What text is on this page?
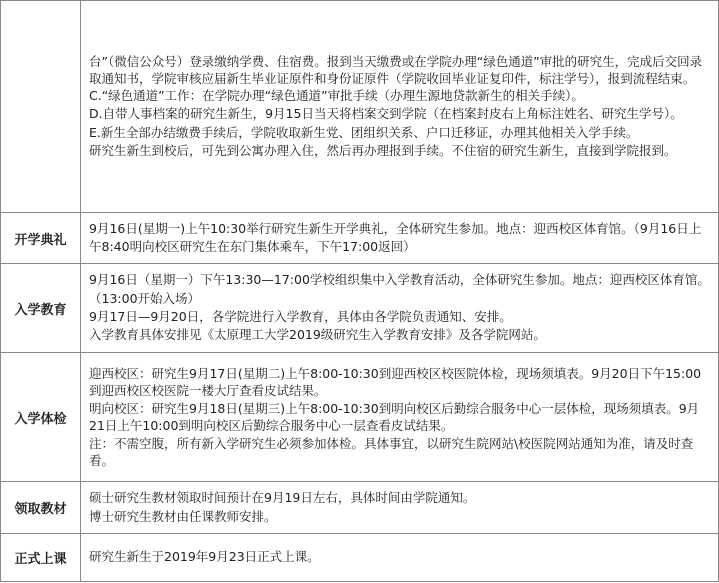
	台”（微信公众号）登录缴纳学费、住宿费。报到当天缴费或在学院办理“绿色通道”审批的研究生，完成后交回录取通知书，学院审核应届新生毕业证原件和身份证原件（学院收回毕业证复印件，标注学号），报到流程结束。

C.“绿色通道”工作：在学院办理“绿色通道”审批手续（办理生源地贷款新生的相关手续）。

D.自带人事档案的研究生新生，9月15日当天将档案交到学院（在档案封皮右上角标注姓名、研究生学号）。

E.新生全部办结缴费手续后，学院收取新生党、团组织关系、户口迁移证，办理其他相关入学手续。

研究生新生到校后，可先到公寓办理入住，然后再办理报到手续。不住宿的研究生新生，直接到学院报到。

开学典礼	9月16日(星期一)上午10:30举行研究生新生开学典礼，全体研究生参加。地点：迎西校区体育馆。（9月16日上午8:40明向校区研究生在东门集体乘车，下午17:00返回）

入学教育	9月16日（星期一）下午13:30—17:00学校组织集中入学教育活动，全体研究生参加。地点：迎西校区体育馆。（13:00开始入场）

9月17日—9月20日，各学院进行入学教育，具体由各学院负责通知、安排。

入学教育具体安排见《太原理工大学2019级研究生入学教育安排》及各学院网站。

入学体检	迎西校区：研究生9月17日(星期二)上午8:00-10:30到迎西校区校医院体检，现场须填表。9月20日下午15:00到迎西校区校医院一楼大厅查看皮试结果。

明向校区：研究生9月18日(星期三)上午8:00-10:30到明向校区后勤综合服务中心一层体检，现场须填表。9月21日上午10:00到明向校区后勤综合服务中心一层查看皮试结果。

注：不需空腹，所有新入学研究生必须参加体检。具体事宜，以研究生院网站\校医院网站通知为准，请及时查看。

领取教材	硕士研究生教材领取时间预计在9月19日左右，具体时间由学院通知。

博士研究生教材由任课教师安排。

正式上课	研究生新生于2019年9月23日正式上课。
